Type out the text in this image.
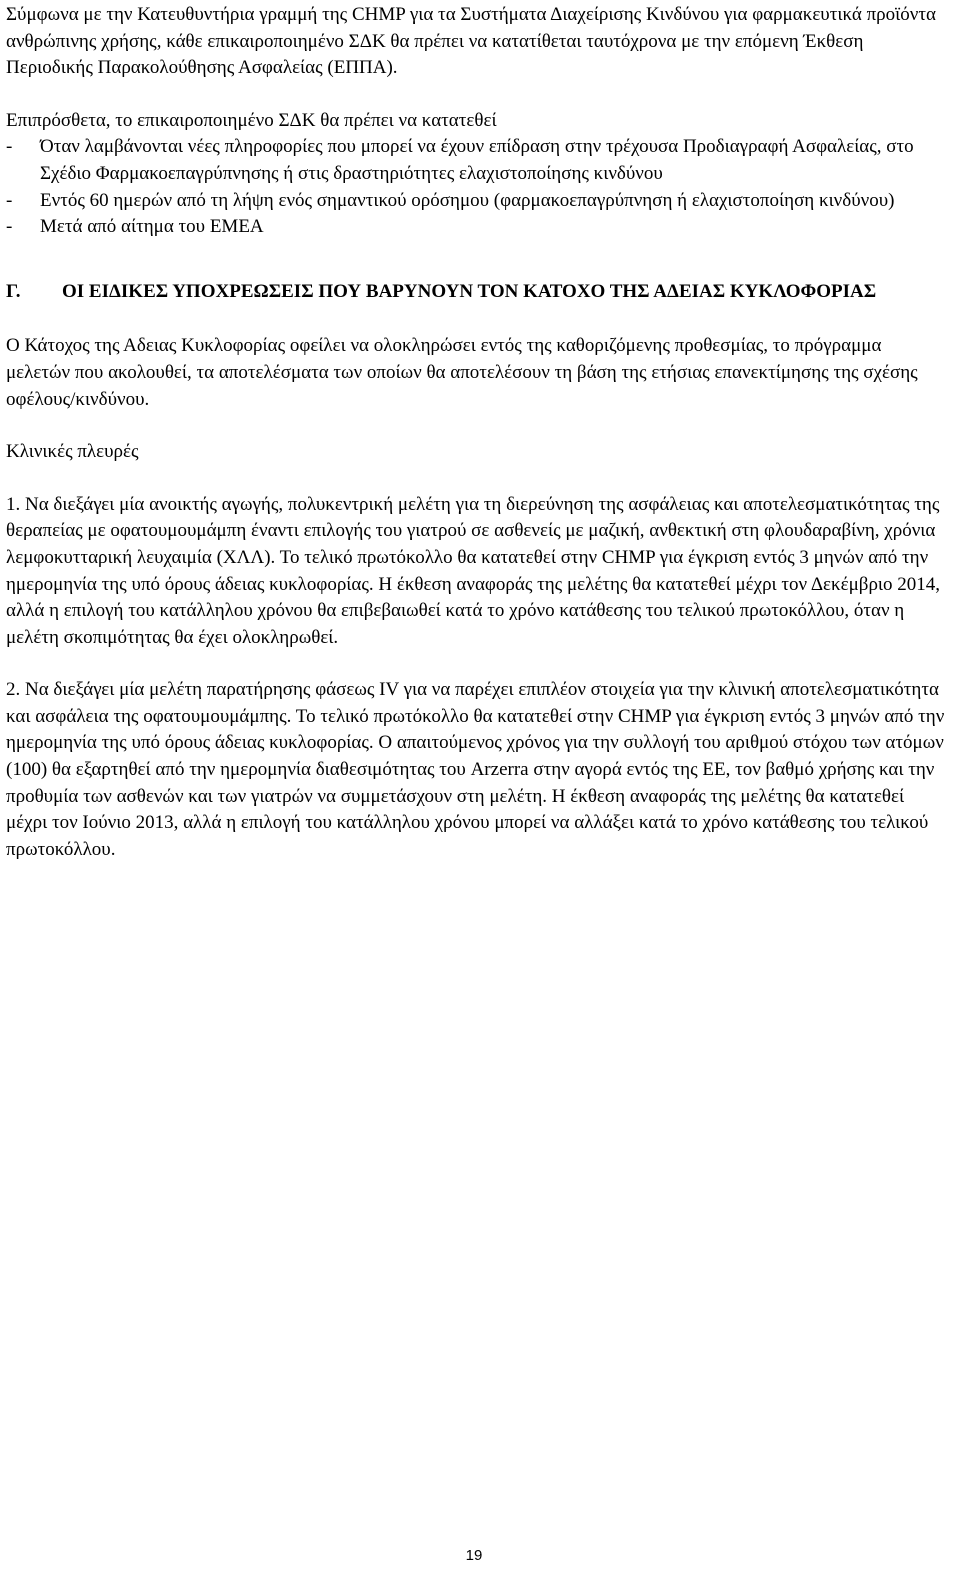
Σύμφωνα με την Κατευθυντήρια γραμμή της CHMP για τα Συστήματα Διαχείρισης Κινδύνου για φαρμακευτικά προϊόντα ανθρώπινης χρήσης, κάθε επικαιροποιημένο ΣΔΚ θα πρέπει να κατατίθεται ταυτόχρονα με την επόμενη Έκθεση Περιοδικής Παρακολούθησης Ασφαλείας (ΕΠΠΑ).

Επιπρόσθετα, το επικαιροποιημένο ΣΔΚ θα πρέπει να κατατεθεί

-	Όταν λαμβάνονται νέες πληροφορίες που μπορεί να έχουν επίδραση στην τρέχουσα Προδιαγραφή Ασφαλείας, στο Σχέδιο Φαρμακοεπαγρύπνησης ή στις δραστηριότητες ελαχιστοποίησης κινδύνου
-	Εντός 60 ημερών από τη λήψη ενός σημαντικού ορόσημου (φαρμακοεπαγρύπνηση ή ελαχιστοποίηση κινδύνου)
-	Μετά από αίτημα του ΕΜΕΑ
Γ.	ΟΙ ΕΙΔΙΚΕΣ ΥΠΟΧΡΕΩΣΕΙΣ ΠΟΥ ΒΑΡΥΝΟΥΝ ΤΟΝ ΚΑΤΟΧΟ ΤΗΣ ΑΔΕΙΑΣ ΚΥΚΛΟΦΟΡΙΑΣ

Ο Κάτοχος της Αδειας Κυκλοφορίας οφείλει να ολοκληρώσει εντός της καθοριζόμενης προθεσμίας, το πρόγραμμα μελετών που ακολουθεί, τα αποτελέσματα των οποίων θα αποτελέσουν τη βάση της ετήσιας επανεκτίμησης της σχέσης οφέλους/κινδύνου.

Κλινικές πλευρές

1. Να διεξάγει μία ανοικτής αγωγής, πολυκεντρική μελέτη για τη διερεύνηση της ασφάλειας και αποτελεσματικότητας της θεραπείας με οφατουμουμάμπη έναντι επιλογής του γιατρού σε ασθενείς με μαζική, ανθεκτική στη φλουδαραβίνη, χρόνια λεμφοκυτταρική λευχαιμία (ΧΛΛ). Το τελικό πρωτόκολλο θα κατατεθεί στην CHMP για έγκριση εντός 3 μηνών από την ημερομηνία της υπό όρους άδειας κυκλοφορίας. Η έκθεση αναφοράς της μελέτης θα κατατεθεί μέχρι τον Δεκέμβριο 2014, αλλά η επιλογή του κατάλληλου χρόνου θα επιβεβαιωθεί κατά το χρόνο κατάθεσης του τελικού πρωτοκόλλου, όταν η μελέτη σκοπιμότητας θα έχει ολοκληρωθεί.

2. Να διεξάγει μία μελέτη παρατήρησης φάσεως IV για να παρέχει επιπλέον στοιχεία για την κλινική αποτελεσματικότητα και ασφάλεια της οφατουμουμάμπης. Το τελικό πρωτόκολλο θα κατατεθεί στην CHMP για έγκριση εντός 3 μηνών από την ημερομηνία της υπό όρους άδειας κυκλοφορίας. Ο απαιτούμενος χρόνος για την συλλογή του αριθμού στόχου των ατόμων (100) θα εξαρτηθεί από την ημερομηνία διαθεσιμότητας του Arzerra στην αγορά εντός της ΕΕ, τον βαθμό χρήσης και την προθυμία των ασθενών και των γιατρών να συμμετάσχουν στη μελέτη. Η έκθεση αναφοράς της μελέτης θα κατατεθεί μέχρι τον Ιούνιο 2013, αλλά η επιλογή του κατάλληλου χρόνου μπορεί να αλλάξει κατά το χρόνο κατάθεσης του τελικού πρωτοκόλλου.

19
